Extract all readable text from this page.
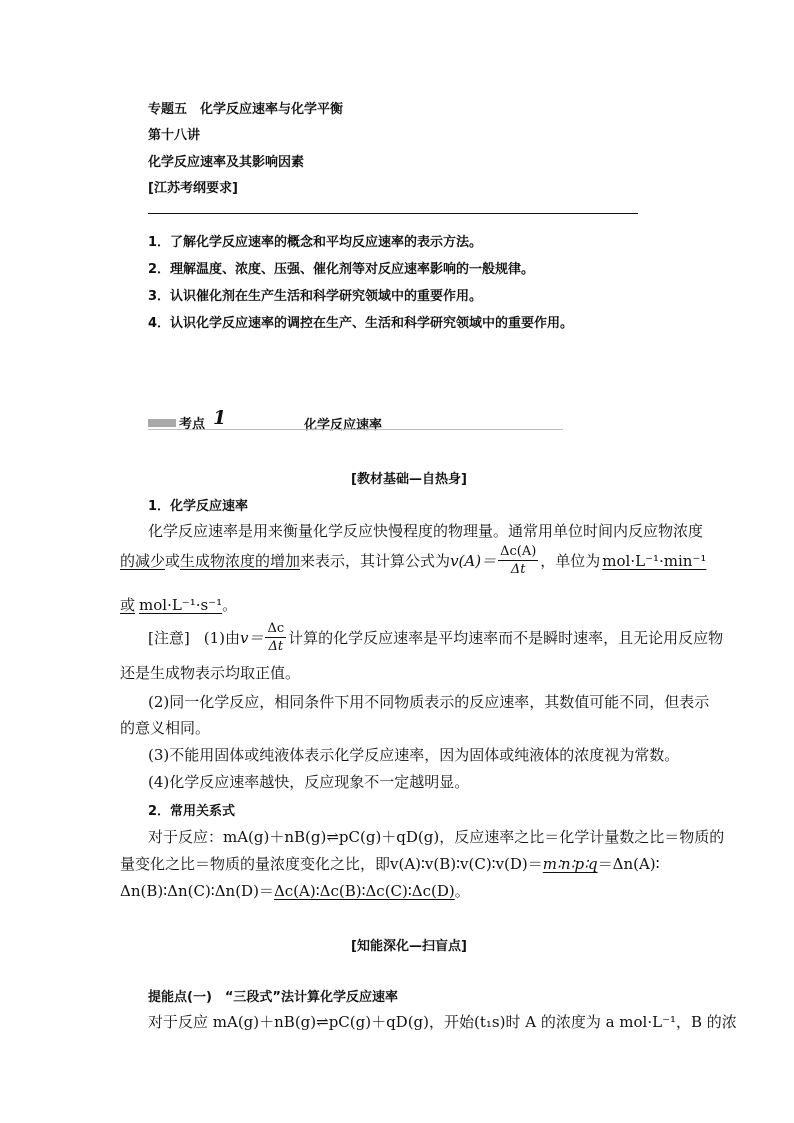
专题五　化学反应速率与化学平衡
第十八讲
化学反应速率及其影响因素
[江苏考纲要求]
1．了解化学反应速率的概念和平均反应速率的表示方法。
2．理解温度、浓度、压强、催化剂等对反应速率影响的一般规律。
3．认识催化剂在生产生活和科学研究领域中的重要作用。
4．认识化学反应速率的调控在生产、生活和科学研究领域中的重要作用。
考点 1	化学反应速率
[教材基础—自热身]
1．化学反应速率
化学反应速率是用来衡量化学反应快慢程度的物理量。通常用单位时间内反应物浓度
的减少 或 生成物浓度的增加 来表示，其计算公式为 $v(A)= \frac{\Delta c(A)}{\Delta t}$ ，单位为 mol·L⁻¹·min⁻¹
或 mol·L⁻¹·s⁻¹。
[注意] (1)由 $v= \frac{\Delta c}{\Delta t}$ 计算的化学反应速率是平均速率而不是瞬时速率，且无论用反应物
还是生成物表示均取正值。
(2)同一化学反应，相同条件下用不同物质表示的反应速率，其数值可能不同，但表示
的意义相同。
(3)不能用固体或纯液体表示化学反应速率，因为固体或纯液体的浓度视为常数。
(4)化学反应速率越快，反应现象不一定越明显。
2．常用关系式
对于反应：mA(g)＋nB(g)⇌pC(g)＋qD(g)，反应速率之比＝化学计量数之比＝物质的
量变化之比＝物质的量浓度变化之比，即v(A)∶v(B)∶v(C)∶v(D)＝m∶n∶p∶q＝Δn(A)∶
Δn(B)∶Δn(C)∶Δn(D)＝Δc(A)∶Δc(B)∶Δc(C)∶Δc(D)。
[知能深化—扫盲点]
提能点(一)　“三段式”法计算化学反应速率
对于反应 mA(g)＋nB(g)⇌pC(g)＋qD(g)，开始(t₁s)时 A 的浓度为 a mol·L⁻¹，B 的浓
